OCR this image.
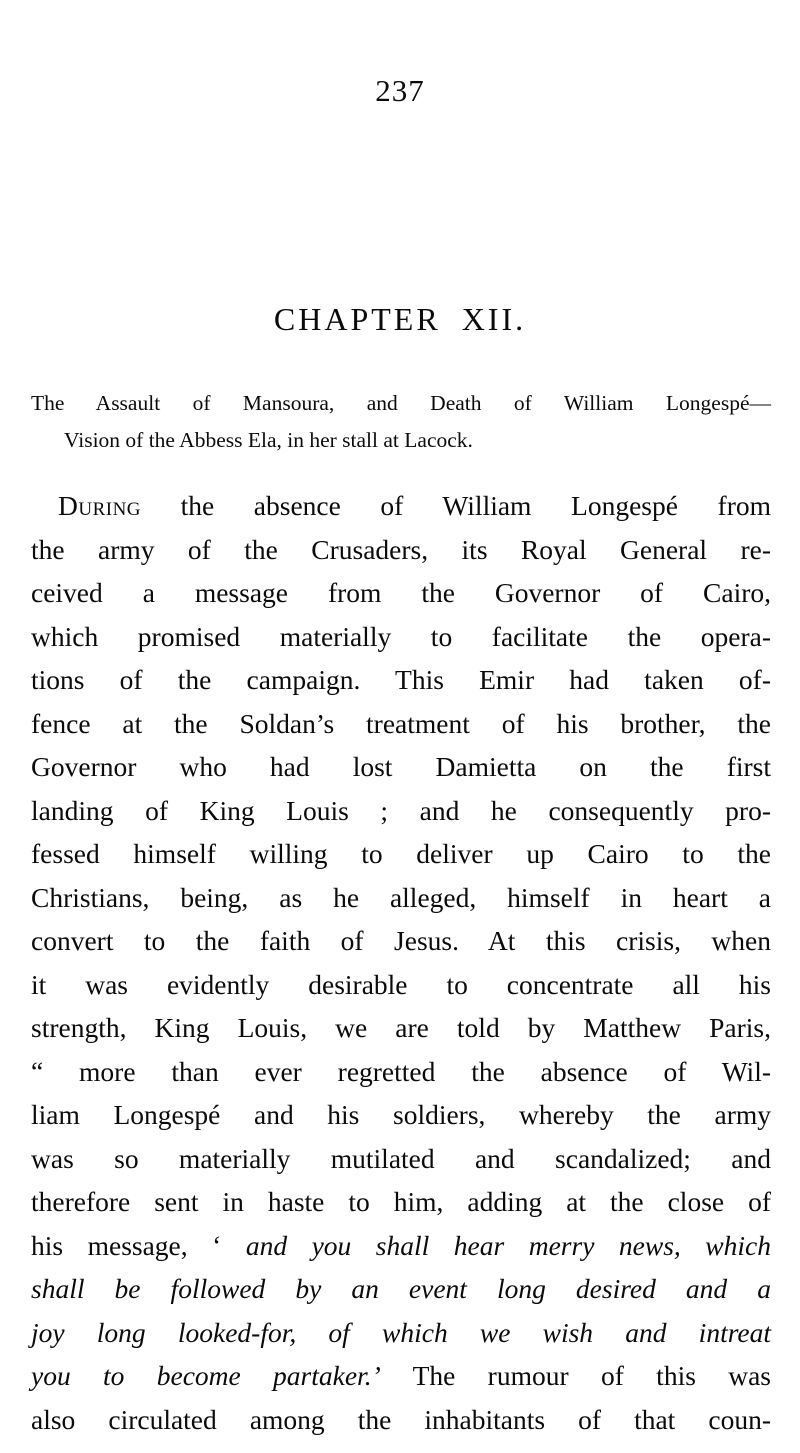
237
CHAPTER XII.
The Assault of Mansoura, and Death of William Longespé—
Vision of the Abbess Ela, in her stall at Lacock.
During the absence of William Longespé from
the army of the Crusaders, its Royal General re-
ceived a message from the Governor of Cairo,
which promised materially to facilitate the opera-
tions of the campaign. This Emir had taken of-
fence at the Soldan’s treatment of his brother, the
Governor who had lost Damietta on the first
landing of King Louis ; and he consequently pro-
fessed himself willing to deliver up Cairo to the
Christians, being, as he alleged, himself in heart a
convert to the faith of Jesus. At this crisis, when
it was evidently desirable to concentrate all his
strength, King Louis, we are told by Matthew Paris,
“ more than ever regretted the absence of Wil-
liam Longespé and his soldiers, whereby the army
was so materially mutilated and scandalized; and
therefore sent in haste to him, adding at the close of
his message, ‘ and you shall hear merry news, which
shall be followed by an event long desired and a
joy long looked-for, of which we wish and intreat
you to become partaker.’ The rumour of this was
also circulated among the inhabitants of that coun-
